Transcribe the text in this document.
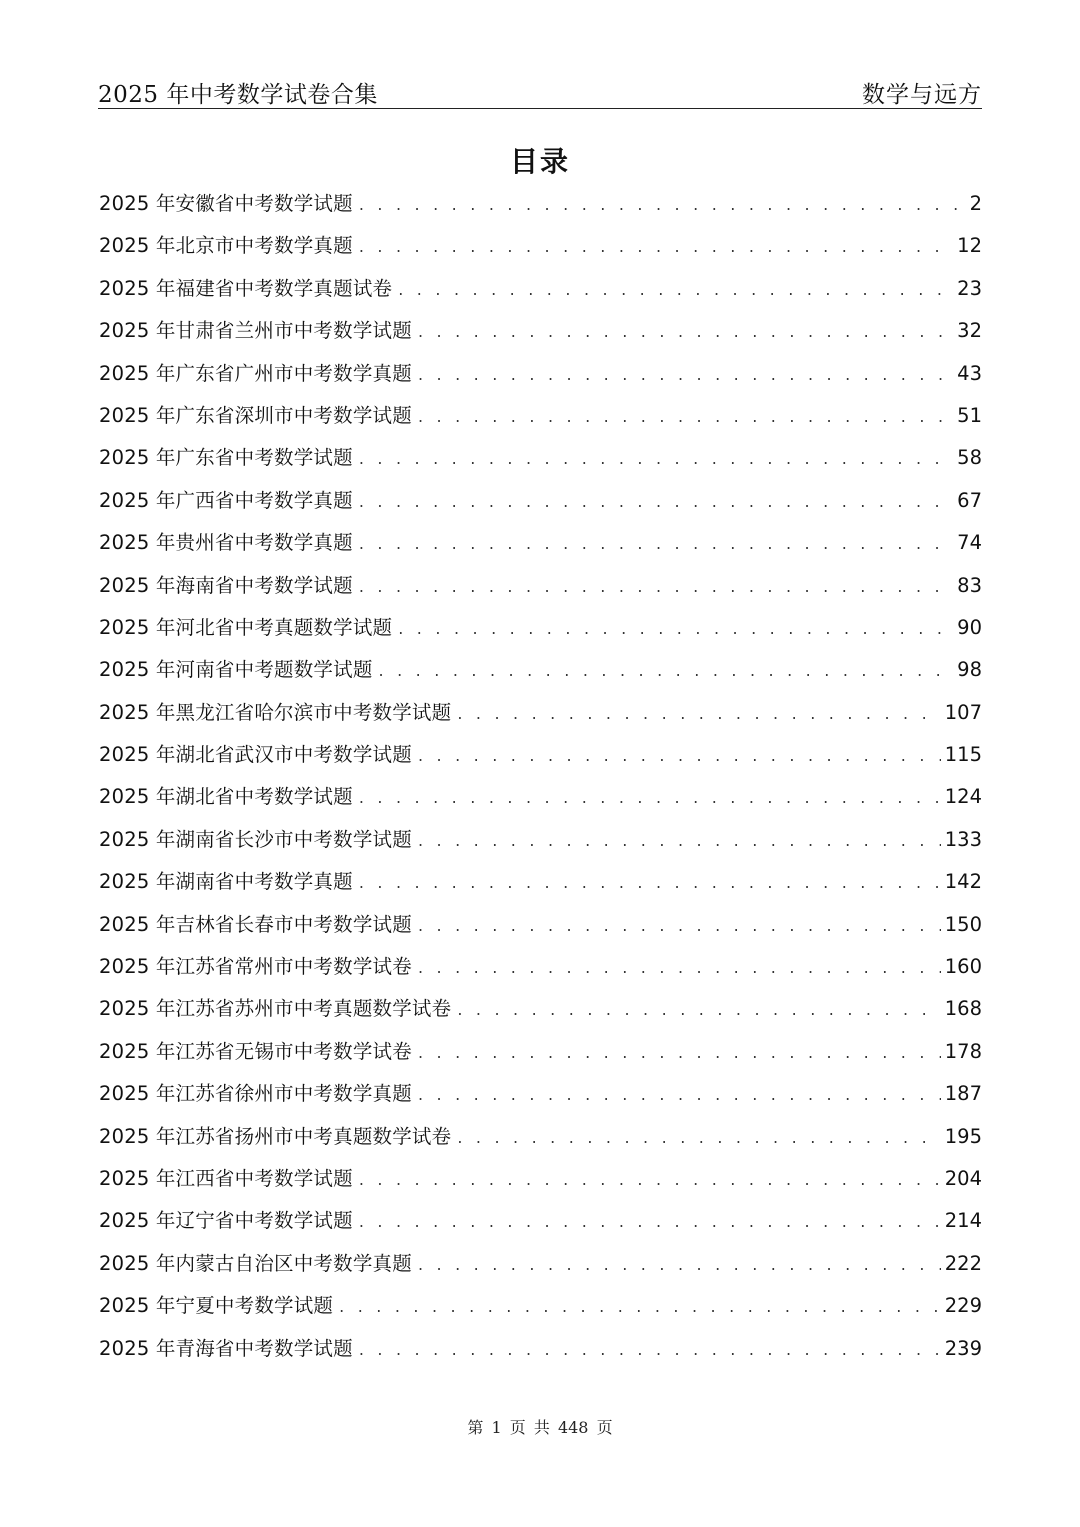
2025 年中考数学试卷合集	数学与远方
目录
2025 年安徽省中考数学试题 . . .	2
2025 年北京市中考数学真题 . . .	12
2025 年福建省中考数学真题试卷 . . .	23
2025 年甘肃省兰州市中考数学试题 . . .	32
2025 年广东省广州市中考数学真题 . . .	43
2025 年广东省深圳市中考数学试题 . . .	51
2025 年广东省中考数学试题 . . .	58
2025 年广西省中考数学真题 . . .	67
2025 年贵州省中考数学真题 . . .	74
2025 年海南省中考数学试题 . . .	83
2025 年河北省中考真题数学试题 . . .	90
2025 年河南省中考题数学试题 . . .	98
2025 年黑龙江省哈尔滨市中考数学试题 . . .	107
2025 年湖北省武汉市中考数学试题 . . .	115
2025 年湖北省中考数学试题 . . .	124
2025 年湖南省长沙市中考数学试题 . . .	133
2025 年湖南省中考数学真题 . . .	142
2025 年吉林省长春市中考数学试题 . . .	150
2025 年江苏省常州市中考数学试卷 . . .	160
2025 年江苏省苏州市中考真题数学试卷 . . .	168
2025 年江苏省无锡市中考数学试卷 . . .	178
2025 年江苏省徐州市中考数学真题 . . .	187
2025 年江苏省扬州市中考真题数学试卷 . . .	195
2025 年江西省中考数学试题 . . .	204
2025 年辽宁省中考数学试题 . . .	214
2025 年内蒙古自治区中考数学真题 . . .	222
2025 年宁夏中考数学试题 . . .	229
2025 年青海省中考数学试题 . . .	239
第 1 页 共 448 页
